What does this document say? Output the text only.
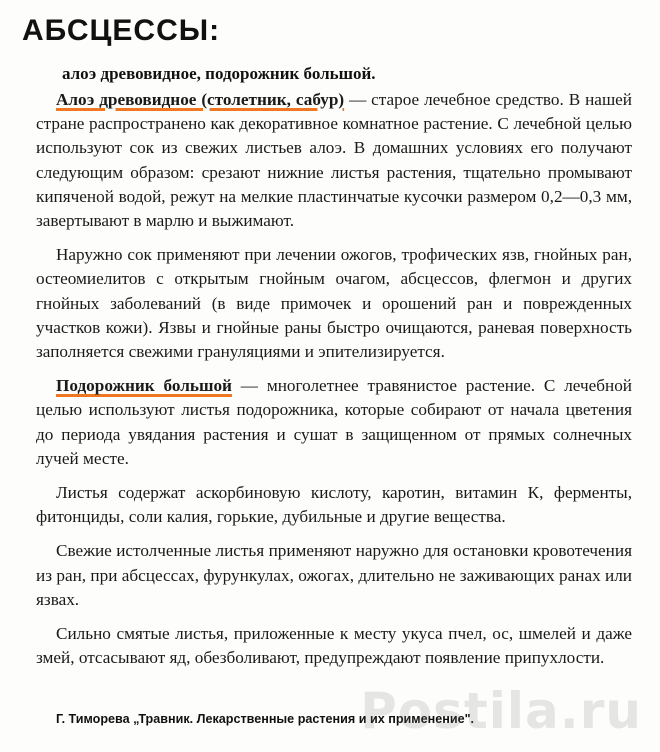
АБСЦЕССЫ:
алоэ древовидное, подорожник большой.

Алоэ древовидное (столетник, сабур) — старое лечебное средство. В нашей стране распространено как декоративное комнатное растение. С лечебной целью используют сок из свежих листьев алоэ. В домашних условиях его получают следующим образом: срезают нижние листья растения, тщательно промывают кипяченой водой, режут на мелкие пластинчатые кусочки размером 0,2—0,3 мм, завертывают в марлю и выжимают.

Наружно сок применяют при лечении ожогов, трофических язв, гнойных ран, остеомиелитов с открытым гнойным очагом, абсцессов, флегмон и других гнойных заболеваний (в виде примочек и орошений ран и поврежденных участков кожи). Язвы и гнойные раны быстро очищаются, раневая поверхность заполняется свежими грануляциями и эпителизируется.

Подорожник большой — многолетнее травянистое растение. С лечебной целью используют листья подорожника, которые собирают от начала цветения до периода увядания растения и сушат в защищенном от прямых солнечных лучей месте.

Листья содержат аскорбиновую кислоту, каротин, витамин К, ферменты, фитонциды, соли калия, горькие, дубильные и другие вещества.

Свежие истолченные листья применяют наружно для остановки кровотечения из ран, при абсцессах, фурункулах, ожогах, длительно не заживающих ранах или язвах.

Сильно смятые листья, приложенные к месту укуса пчел, ос, шмелей и даже змей, отсасывают яд, обезболивают, предупреждают появление припухлости.

Г. Тиморева „Травник. Лекарственные растения и их применение".
Postila.ru
